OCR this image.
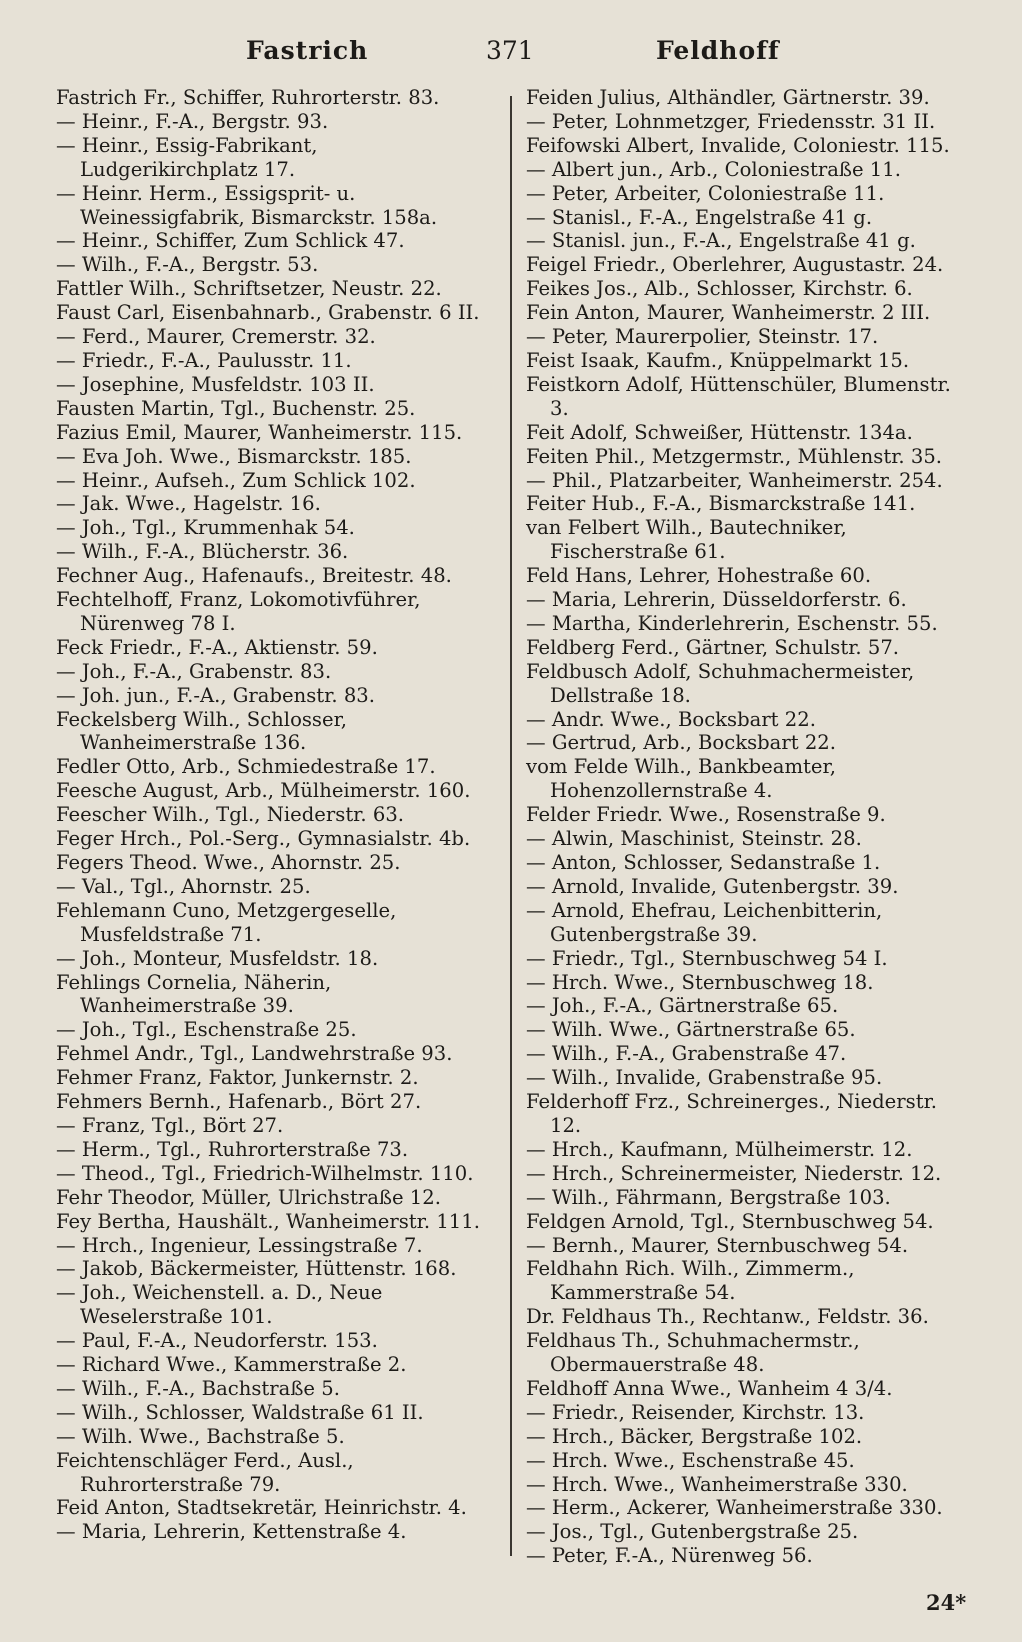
Fastrich	371	Feldhoff
Fastrich Fr., Schiffer, Ruhrorterstr. 83.
— Heinr., F.-A., Bergstr. 93.
— Heinr., Essig-Fabrikant, Ludgerikirchplatz 17.
— Heinr. Herm., Essigsprit- u. Weinessigfabrik, Bismarckstr. 158a.
— Heinr., Schiffer, Zum Schlick 47.
— Wilh., F.-A., Bergstr. 53.
Fattler Wilh., Schriftsetzer, Neustr. 22.
Faust Carl, Eisenbahnarb., Grabenstr. 6 II.
— Ferd., Maurer, Cremerstr. 32.
— Friedr., F.-A., Paulusstr. 11.
— Josephine, Musfeldstr. 103 II.
Fausten Martin, Tgl., Buchenstr. 25.
Fazius Emil, Maurer, Wanheimerstr. 115.
— Eva Joh. Wwe., Bismarckstr. 185.
— Heinr., Aufseh., Zum Schlick 102.
— Jak. Wwe., Hagelstr. 16.
— Joh., Tgl., Krummenhak 54.
— Wilh., F.-A., Blücherstr. 36.
Fechner Aug., Hafenaufs., Breitestr. 48.
Fechtelhoff, Franz, Lokomotivführer, Nürenweg 78 I.
Feck Friedr., F.-A., Aktienstr. 59.
— Joh., F.-A., Grabenstr. 83.
— Joh. jun., F.-A., Grabenstr. 83.
Feckelsberg Wilh., Schlosser, Wanheimerstraße 136.
Fedler Otto, Arb., Schmiedestraße 17.
Feesche August, Arb., Mülheimerstr. 160.
Feescher Wilh., Tgl., Niederstr. 63.
Feger Hrch., Pol.-Serg., Gymnasialstr. 4b.
Fegers Theod. Wwe., Ahornstr. 25.
— Val., Tgl., Ahornstr. 25.
Fehlemann Cuno, Metzgergeselle, Musfeldstraße 71.
— Joh., Monteur, Musfeldstr. 18.
Fehlings Cornelia, Näherin, Wanheimerstraße 39.
— Joh., Tgl., Eschenstraße 25.
Fehmel Andr., Tgl., Landwehrstraße 93.
Fehmer Franz, Faktor, Junkernstr. 2.
Fehmers Bernh., Hafenarb., Bört 27.
— Franz, Tgl., Bört 27.
— Herm., Tgl., Ruhrorterstraße 73.
— Theod., Tgl., Friedrich-Wilhelmstr. 110.
Fehr Theodor, Müller, Ulrichstraße 12.
Fey Bertha, Haushält., Wanheimerstr. 111.
— Hrch., Ingenieur, Lessingstraße 7.
— Jakob, Bäckermeister, Hüttenstr. 168.
— Joh., Weichenstell. a. D., Neue Weselerstraße 101.
— Paul, F.-A., Neudorferstr. 153.
— Richard Wwe., Kammerstraße 2.
— Wilh., F.-A., Bachstraße 5.
— Wilh., Schlosser, Waldstraße 61 II.
— Wilh. Wwe., Bachstraße 5.
Feichtenschläger Ferd., Ausl., Ruhrorterstraße 79.
Feid Anton, Stadtsekretär, Heinrichstr. 4.
— Maria, Lehrerin, Kettenstraße 4.
Feiden Julius, Althändler, Gärtnerstr. 39.
— Peter, Lohnmetzger, Friedensstr. 31 II.
Feifowski Albert, Invalide, Coloniestr. 115.
— Albert jun., Arb., Coloniestraße 11.
— Peter, Arbeiter, Coloniestraße 11.
— Stanisl., F.-A., Engelstraße 41 g.
— Stanisl. jun., F.-A., Engelstraße 41 g.
Feigel Friedr., Oberlehrer, Augustastr. 24.
Feikes Jos., Alb., Schlosser, Kirchstr. 6.
Fein Anton, Maurer, Wanheimerstr. 2 III.
— Peter, Maurerpolier, Steinstr. 17.
Feist Isaak, Kaufm., Knüppelmarkt 15.
Feistkorn Adolf, Hüttenschüler, Blumenstr. 3.
Feit Adolf, Schweißer, Hüttenstr. 134a.
Feiten Phil., Metzgermstr., Mühlenstr. 35.
— Phil., Platzarbeiter, Wanheimerstr. 254.
Feiter Hub., F.-A., Bismarckstraße 141.
van Felbert Wilh., Bautechniker, Fischerstraße 61.
Feld Hans, Lehrer, Hohestraße 60.
— Maria, Lehrerin, Düsseldorferstr. 6.
— Martha, Kinderlehrerin, Eschenstr. 55.
Feldberg Ferd., Gärtner, Schulstr. 57.
Feldbusch Adolf, Schuhmachermeister, Dellstraße 18.
— Andr. Wwe., Bocksbart 22.
— Gertrud, Arb., Bocksbart 22.
vom Felde Wilh., Bankbeamter, Hohenzollernstraße 4.
Felder Friedr. Wwe., Rosenstraße 9.
— Alwin, Maschinist, Steinstr. 28.
— Anton, Schlosser, Sedanstraße 1.
— Arnold, Invalide, Gutenbergstr. 39.
— Arnold, Ehefrau, Leichenbitterin, Gutenbergstraße 39.
— Friedr., Tgl., Sternbuschweg 54 I.
— Hrch. Wwe., Sternbuschweg 18.
— Joh., F.-A., Gärtnerstraße 65.
— Wilh. Wwe., Gärtnerstraße 65.
— Wilh., F.-A., Grabenstraße 47.
— Wilh., Invalide, Grabenstraße 95.
Felderhoff Frz., Schreinerges., Niederstr. 12.
— Hrch., Kaufmann, Mülheimerstr. 12.
— Hrch., Schreinermeister, Niederstr. 12.
— Wilh., Fährmann, Bergstraße 103.
Feldgen Arnold, Tgl., Sternbuschweg 54.
— Bernh., Maurer, Sternbuschweg 54.
Feldhahn Rich. Wilh., Zimmerm., Kammerstraße 54.
Dr. Feldhaus Th., Rechtanw., Feldstr. 36.
Feldhaus Th., Schuhmachermstr., Obermauerstraße 48.
Feldhoff Anna Wwe., Wanheim 4 3/4.
— Friedr., Reisender, Kirchstr. 13.
— Hrch., Bäcker, Bergstraße 102.
— Hrch. Wwe., Eschenstraße 45.
— Hrch. Wwe., Wanheimerstraße 330.
— Herm., Ackerer, Wanheimerstraße 330.
— Jos., Tgl., Gutenbergstraße 25.
— Peter, F.-A., Nürenweg 56.
24*
